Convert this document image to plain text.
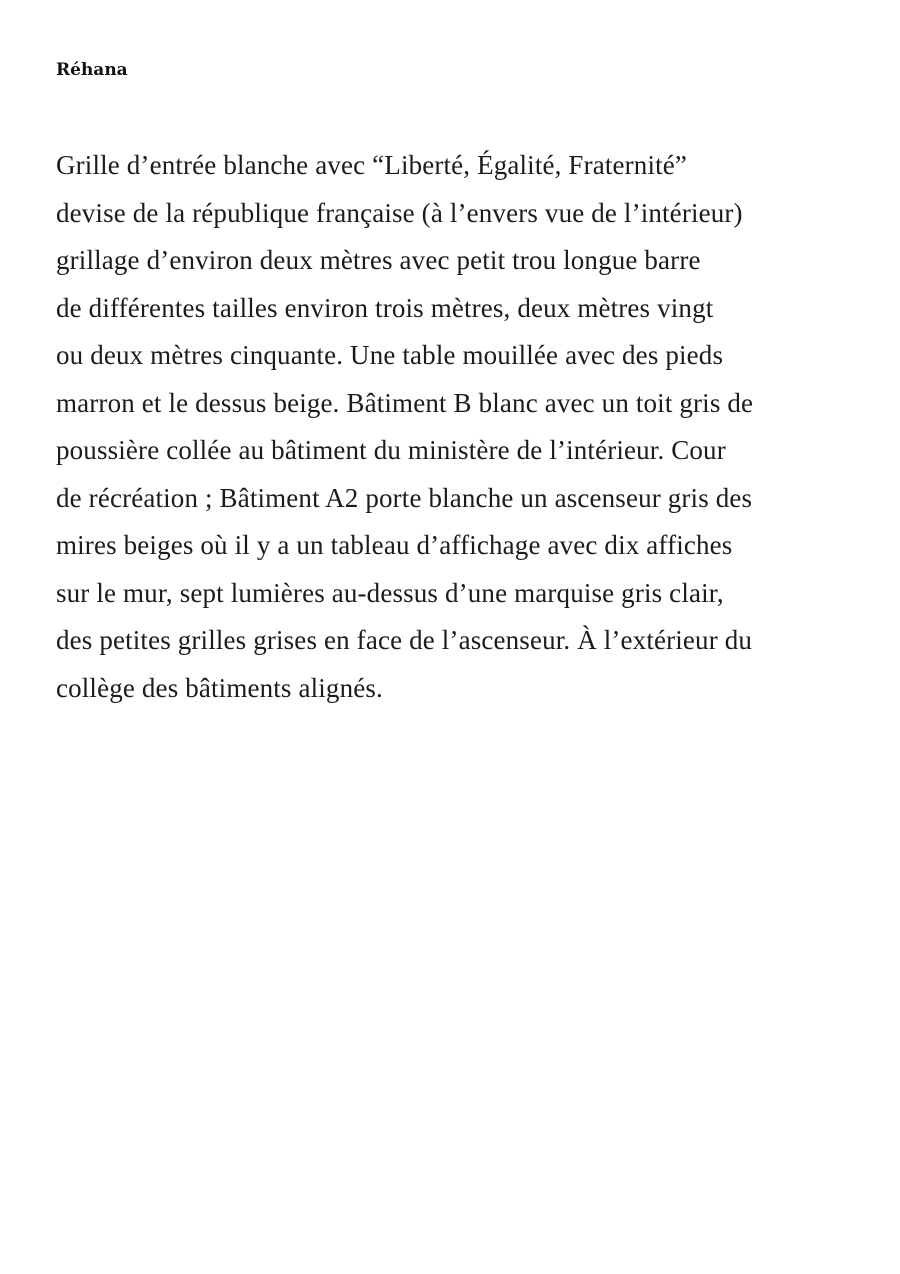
Réhana

Grille d’entrée blanche avec “Liberté, Égalité, Fraternité”
devise de la république française (à l’envers vue de l’intérieur)
grillage d’environ deux mètres avec petit trou longue barre
de différentes tailles environ trois mètres, deux mètres vingt
ou deux mètres cinquante. Une table mouillée avec des pieds
marron et le dessus beige. Bâtiment B blanc avec un toit gris de
poussière collée au bâtiment du ministère de l’intérieur. Cour
de récréation ; Bâtiment A2 porte blanche un ascenseur gris des
mires beiges où il y a un tableau d’affichage avec dix affiches
sur le mur, sept lumières au-dessus d’une marquise gris clair,
des petites grilles grises en face de l’ascenseur. À l’extérieur du
collège des bâtiments alignés.
